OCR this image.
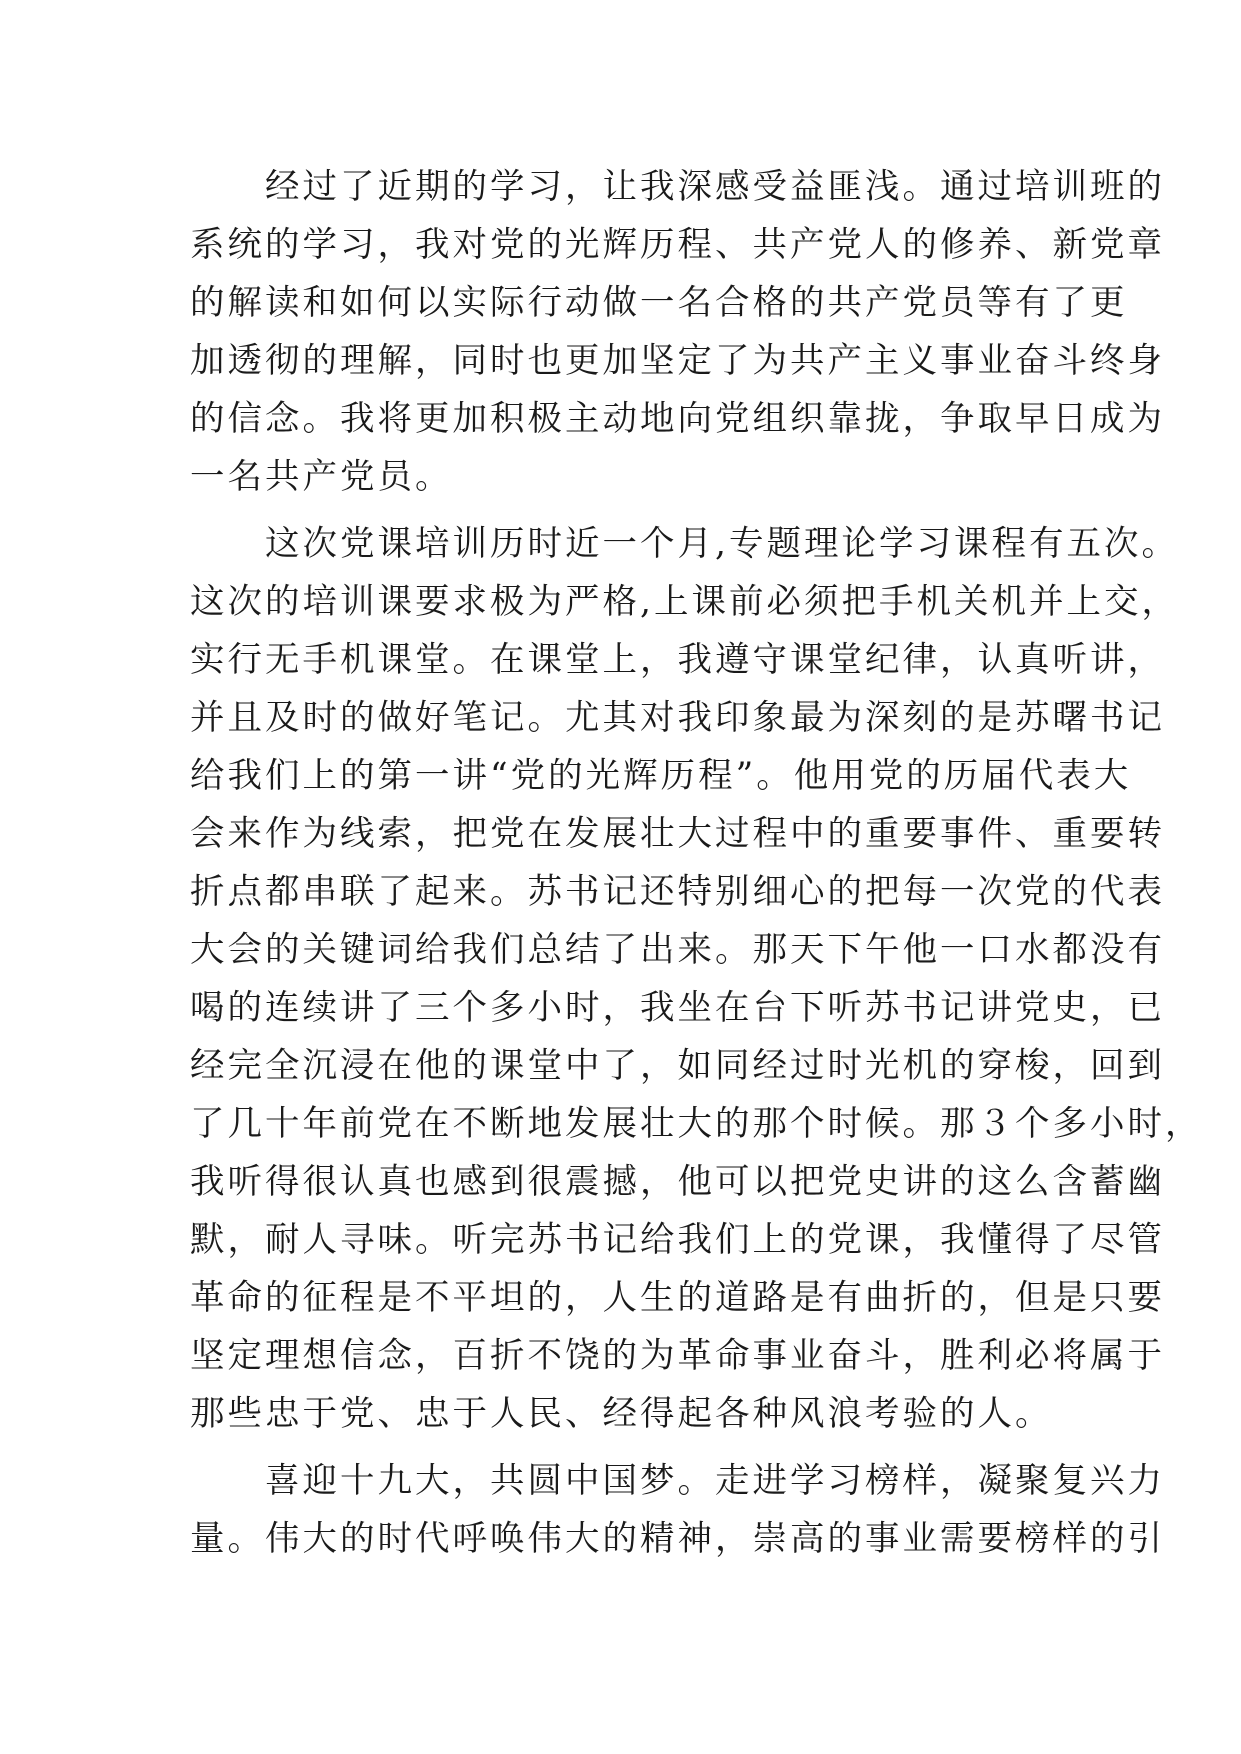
　　经过了近期的学习，让我深感受益匪浅。通过培训班的
系统的学习，我对党的光辉历程、共产党人的修养、新党章
的解读和如何以实际行动做一名合格的共产党员等有了更
加透彻的理解，同时也更加坚定了为共产主义事业奋斗终身
的信念。我将更加积极主动地向党组织靠拢，争取早日成为
一名共产党员。
　　这次党课培训历时近一个月,专题理论学习课程有五次。
这次的培训课要求极为严格,上课前必须把手机关机并上交，
实行无手机课堂。在课堂上，我遵守课堂纪律，认真听讲，
并且及时的做好笔记。尤其对我印象最为深刻的是苏曙书记
给我们上的第一讲“党的光辉历程”。他用党的历届代表大
会来作为线索，把党在发展壮大过程中的重要事件、重要转
折点都串联了起来。苏书记还特别细心的把每一次党的代表
大会的关键词给我们总结了出来。那天下午他一口水都没有
喝的连续讲了三个多小时，我坐在台下听苏书记讲党史，已
经完全沉浸在他的课堂中了，如同经过时光机的穿梭，回到
了几十年前党在不断地发展壮大的那个时候。那３个多小时，
我听得很认真也感到很震撼，他可以把党史讲的这么含蓄幽
默，耐人寻味。听完苏书记给我们上的党课，我懂得了尽管
革命的征程是不平坦的，人生的道路是有曲折的，但是只要
坚定理想信念，百折不饶的为革命事业奋斗，胜利必将属于
那些忠于党、忠于人民、经得起各种风浪考验的人。
　　喜迎十九大，共圆中国梦。走进学习榜样，凝聚复兴力
量。伟大的时代呼唤伟大的精神，崇高的事业需要榜样的引
